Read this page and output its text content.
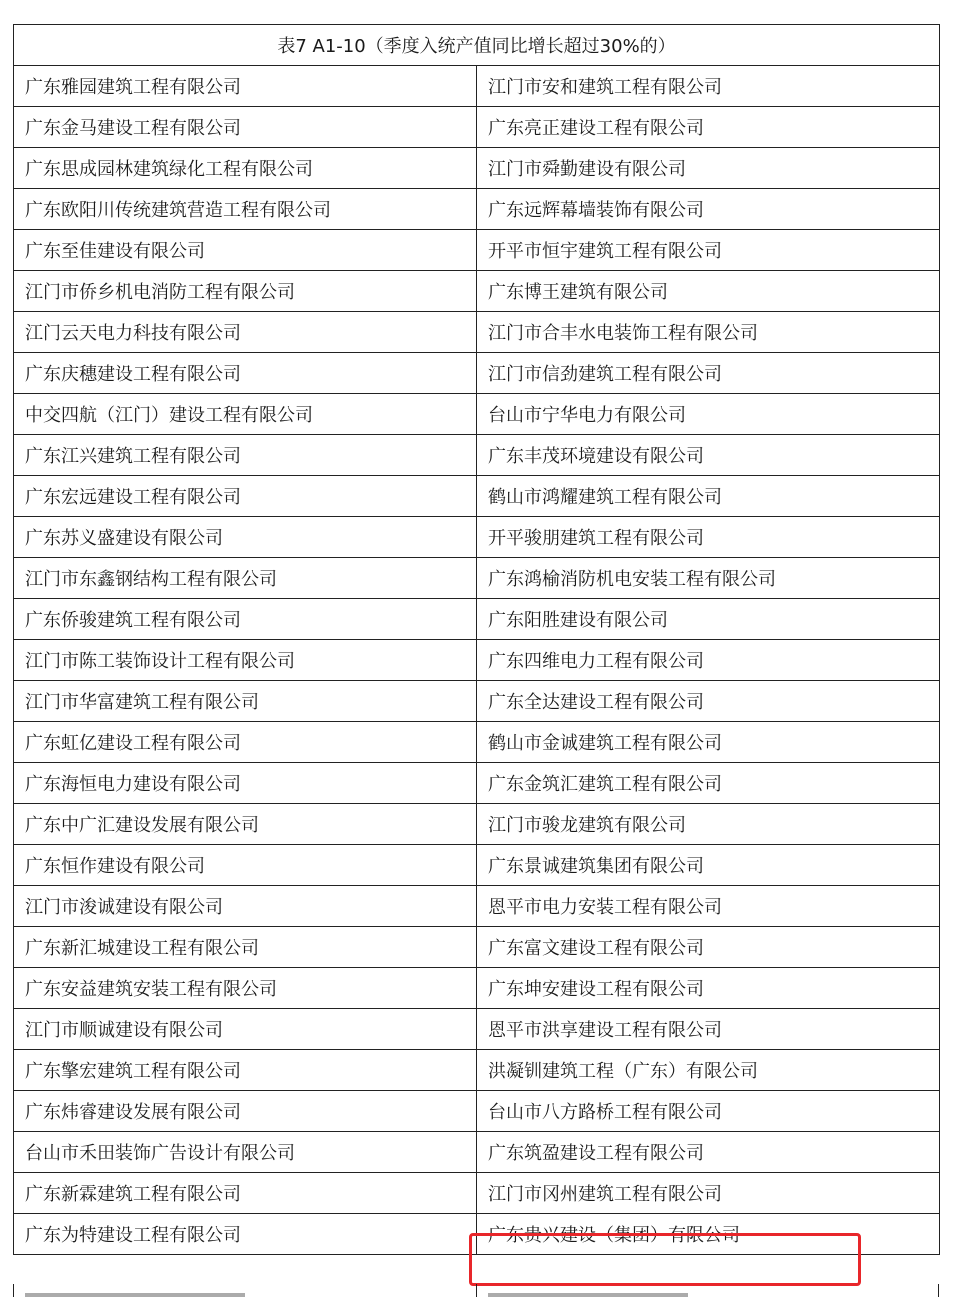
表7 A1-10（季度入统产值同比增长超过30%的）	
广东雅园建筑工程有限公司	江门市安和建筑工程有限公司
广东金马建设工程有限公司	广东亮正建设工程有限公司
广东思成园林建筑绿化工程有限公司	江门市舜勤建设有限公司
广东欧阳川传统建筑营造工程有限公司	广东远辉幕墙装饰有限公司
广东至佳建设有限公司	开平市恒宇建筑工程有限公司
江门市侨乡机电消防工程有限公司	广东博王建筑有限公司
江门云天电力科技有限公司	江门市合丰水电装饰工程有限公司
广东庆穗建设工程有限公司	江门市信劲建筑工程有限公司
中交四航（江门）建设工程有限公司	台山市宁华电力有限公司
广东江兴建筑工程有限公司	广东丰茂环境建设有限公司
广东宏远建设工程有限公司	鹤山市鸿耀建筑工程有限公司
广东苏义盛建设有限公司	开平骏朋建筑工程有限公司
江门市东鑫钢结构工程有限公司	广东鸿榆消防机电安装工程有限公司
广东侨骏建筑工程有限公司	广东阳胜建设有限公司
江门市陈工装饰设计工程有限公司	广东四维电力工程有限公司
江门市华富建筑工程有限公司	广东全达建设工程有限公司
广东虹亿建设工程有限公司	鹤山市金诚建筑工程有限公司
广东海恒电力建设有限公司	广东金筑汇建筑工程有限公司
广东中广汇建设发展有限公司	江门市骏龙建筑有限公司
广东恒作建设有限公司	广东景诚建筑集团有限公司
江门市浚诚建设有限公司	恩平市电力安装工程有限公司
广东新汇城建设工程有限公司	广东富文建设工程有限公司
广东安益建筑安装工程有限公司	广东坤安建设工程有限公司
江门市顺诚建设有限公司	恩平市洪享建设工程有限公司
广东擎宏建筑工程有限公司	洪凝钏建筑工程（广东）有限公司
广东炜睿建设发展有限公司	台山市八方路桥工程有限公司
台山市禾田装饰广告设计有限公司	广东筑盈建设工程有限公司
广东新霖建筑工程有限公司	江门市冈州建筑工程有限公司
广东为特建设工程有限公司	广东贵兴建设（集团）有限公司
